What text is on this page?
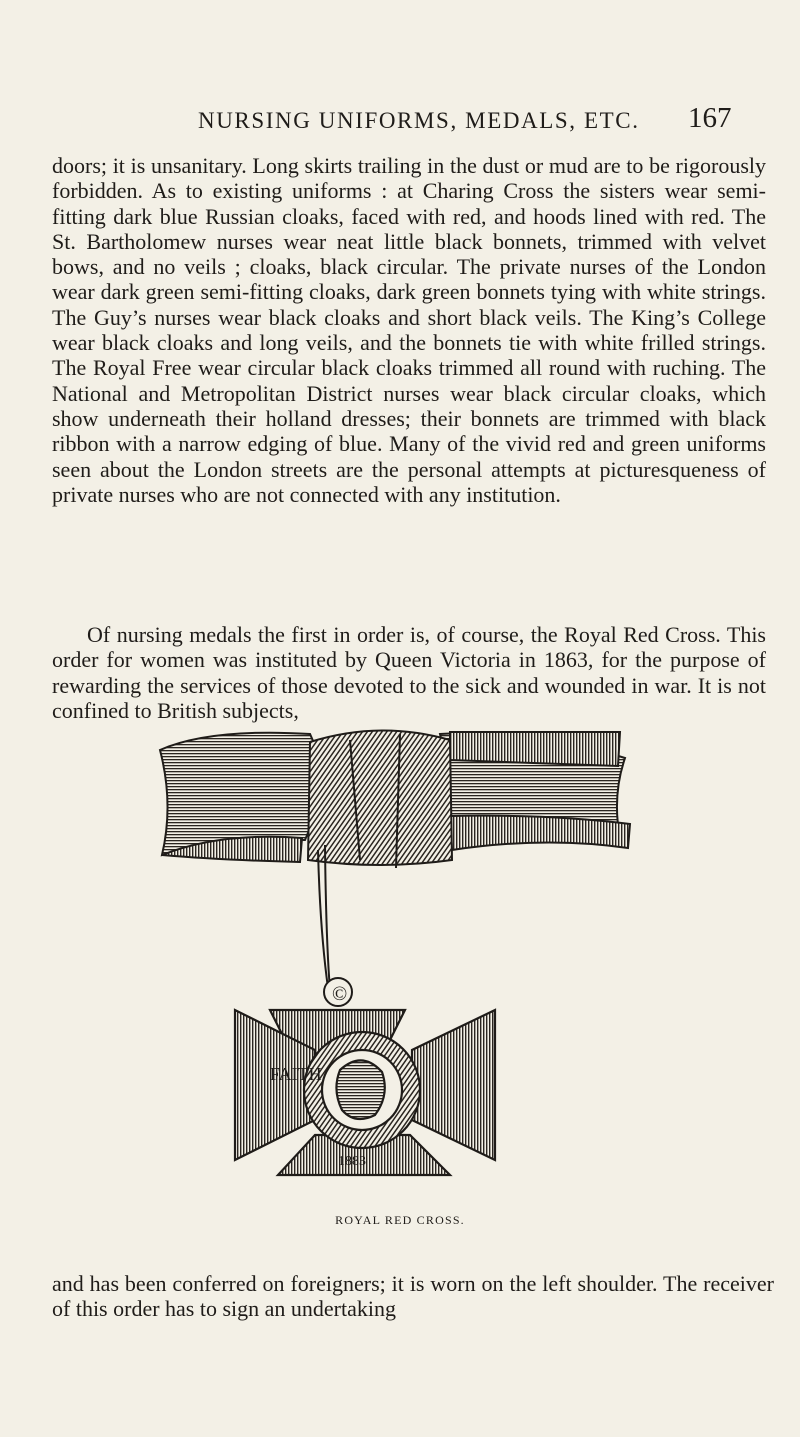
NURSING UNIFORMS, MEDALS, ETC. 167

doors; it is unsanitary. Long skirts trailing in the dust or mud are to be rigorously forbidden. As to existing uniforms : at Charing Cross the sisters wear semi-fitting dark blue Russian cloaks, faced with red, and hoods lined with red. The St. Bartholomew nurses wear neat little black bonnets, trimmed with velvet bows, and no veils ; cloaks, black circular. The private nurses of the London wear dark green semi-fitting cloaks, dark green bonnets tying with white strings. The Guy’s nurses wear black cloaks and short black veils. The King’s College wear black cloaks and long veils, and the bonnets tie with white frilled strings. The Royal Free wear circular black cloaks trimmed all round with ruching. The National and Metropolitan District nurses wear black circular cloaks, which show underneath their holland dresses; their bonnets are trimmed with black ribbon with a narrow edging of blue. Many of the vivid red and green uniforms seen about the London streets are the personal attempts at picturesqueness of private nurses who are not connected with any institution.

Of nursing medals the first in order is, of course, the Royal Red Cross. This order for women was instituted by Queen Victoria in 1863, for the purpose of rewarding the services of those devoted to the sick and wounded in war. It is not confined to British subjects,

©
FAITH
1883
ROYAL RED CROSS.

and has been conferred on foreigners; it is worn on the left shoulder. The receiver of this order has to sign an undertaking
